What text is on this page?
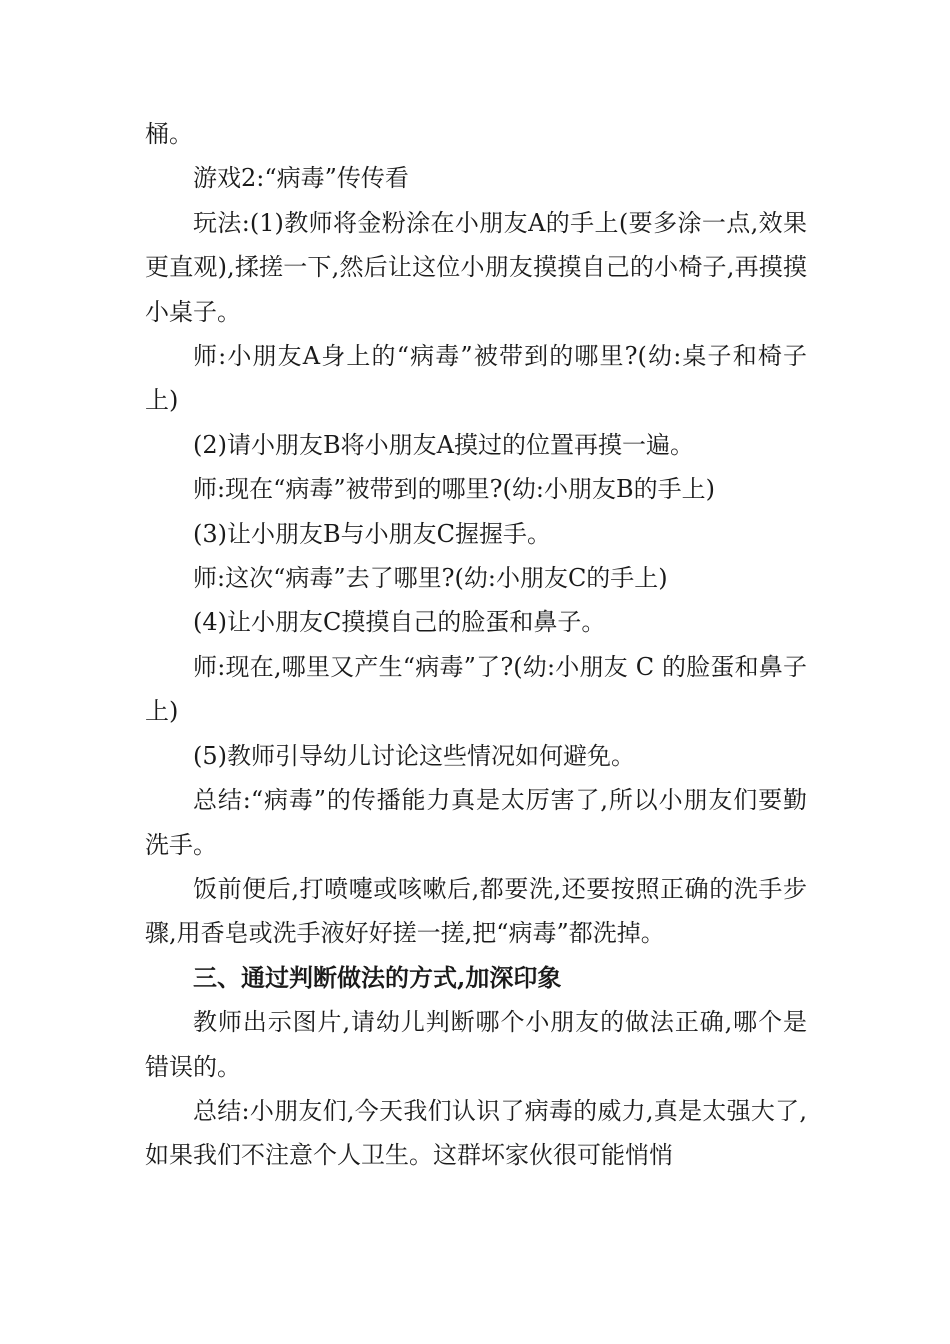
桶。

游戏2:“病毒”传传看

玩法:(1)教师将金粉涂在小朋友A的手上(要多涂一点,效果更直观),揉搓一下,然后让这位小朋友摸摸自己的小椅子,再摸摸小桌子。

师:小朋友A身上的“病毒”被带到的哪里?(幼:桌子和椅子上)

(2)请小朋友B将小朋友A摸过的位置再摸一遍。

师:现在“病毒”被带到的哪里?(幼:小朋友B的手上)

(3)让小朋友B与小朋友C握握手。

师:这次“病毒”去了哪里?(幼:小朋友C的手上)

(4)让小朋友C摸摸自己的脸蛋和鼻子。

师:现在,哪里又产生“病毒”了?(幼:小朋友 C 的脸蛋和鼻子上)

(5)教师引导幼儿讨论这些情况如何避免。

总结:“病毒”的传播能力真是太厉害了,所以小朋友们要勤洗手。

饭前便后,打喷嚏或咳嗽后,都要洗,还要按照正确的洗手步骤,用香皂或洗手液好好搓一搓,把“病毒”都洗掉。

三、通过判断做法的方式,加深印象

教师出示图片,请幼儿判断哪个小朋友的做法正确,哪个是错误的。

总结:小朋友们,今天我们认识了病毒的威力,真是太强大了,如果我们不注意个人卫生。这群坏家伙很可能悄悄
